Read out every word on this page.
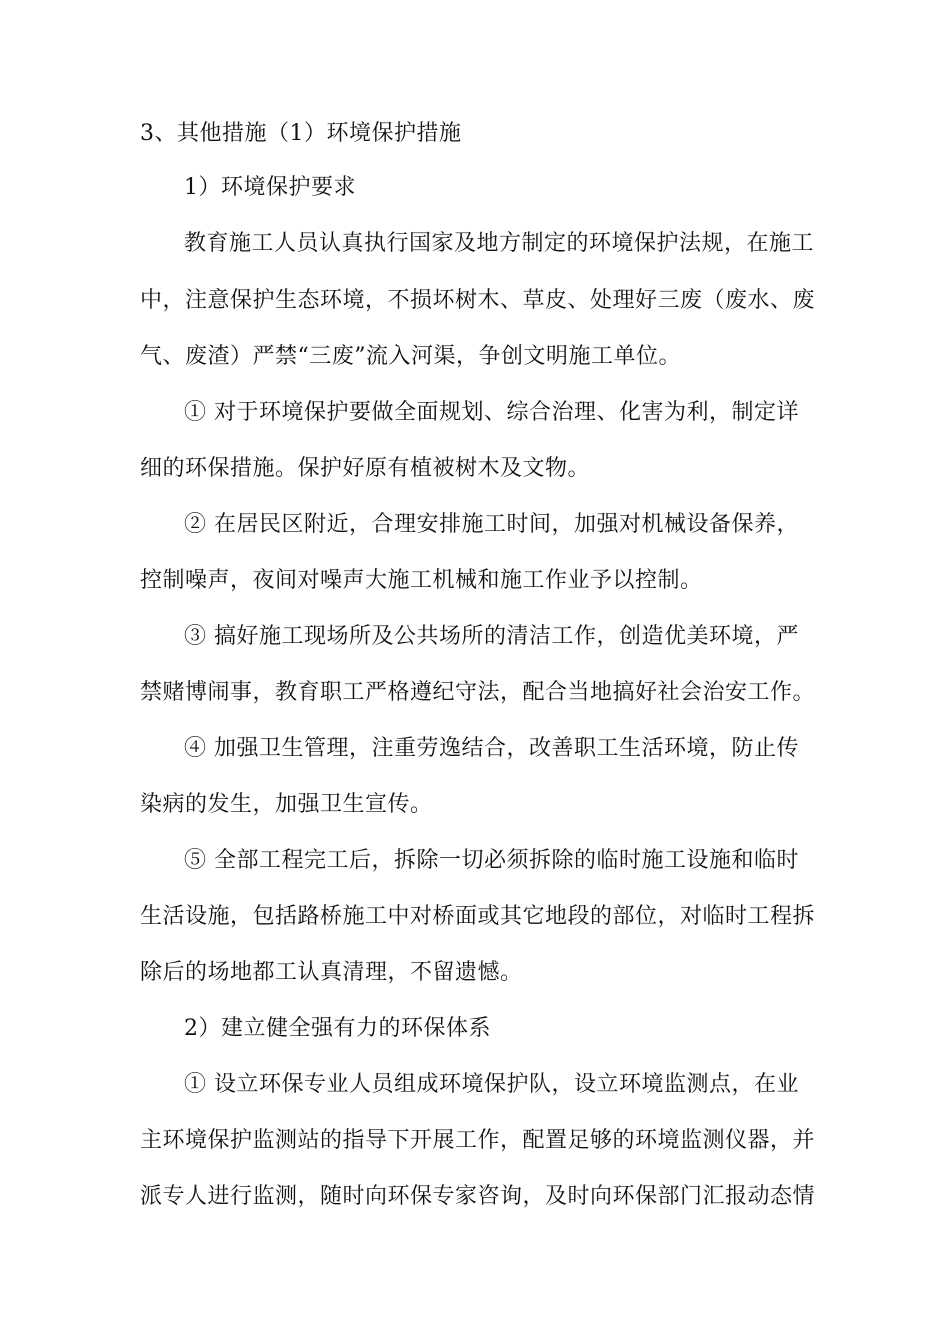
3、其他措施（1）环境保护措施
1）环境保护要求
教育施工人员认真执行国家及地方制定的环境保护法规，在施工
中，注意保护生态环境，不损坏树木、草皮、处理好三废（废水、废
气、废渣）严禁“三废”流入河渠，争创文明施工单位。
① 对于环境保护要做全面规划、综合治理、化害为利，制定详
细的环保措施。保护好原有植被树木及文物。
② 在居民区附近，合理安排施工时间，加强对机械设备保养，
控制噪声，夜间对噪声大施工机械和施工作业予以控制。
③ 搞好施工现场所及公共场所的清洁工作，创造优美环境，严
禁赌博闹事，教育职工严格遵纪守法，配合当地搞好社会治安工作。
④ 加强卫生管理，注重劳逸结合，改善职工生活环境，防止传
染病的发生，加强卫生宣传。
⑤ 全部工程完工后，拆除一切必须拆除的临时施工设施和临时
生活设施，包括路桥施工中对桥面或其它地段的部位，对临时工程拆
除后的场地都工认真清理，不留遗憾。
2）建立健全强有力的环保体系
① 设立环保专业人员组成环境保护队，设立环境监测点，在业
主环境保护监测站的指导下开展工作，配置足够的环境监测仪器，并
派专人进行监测，随时向环保专家咨询，及时向环保部门汇报动态情
